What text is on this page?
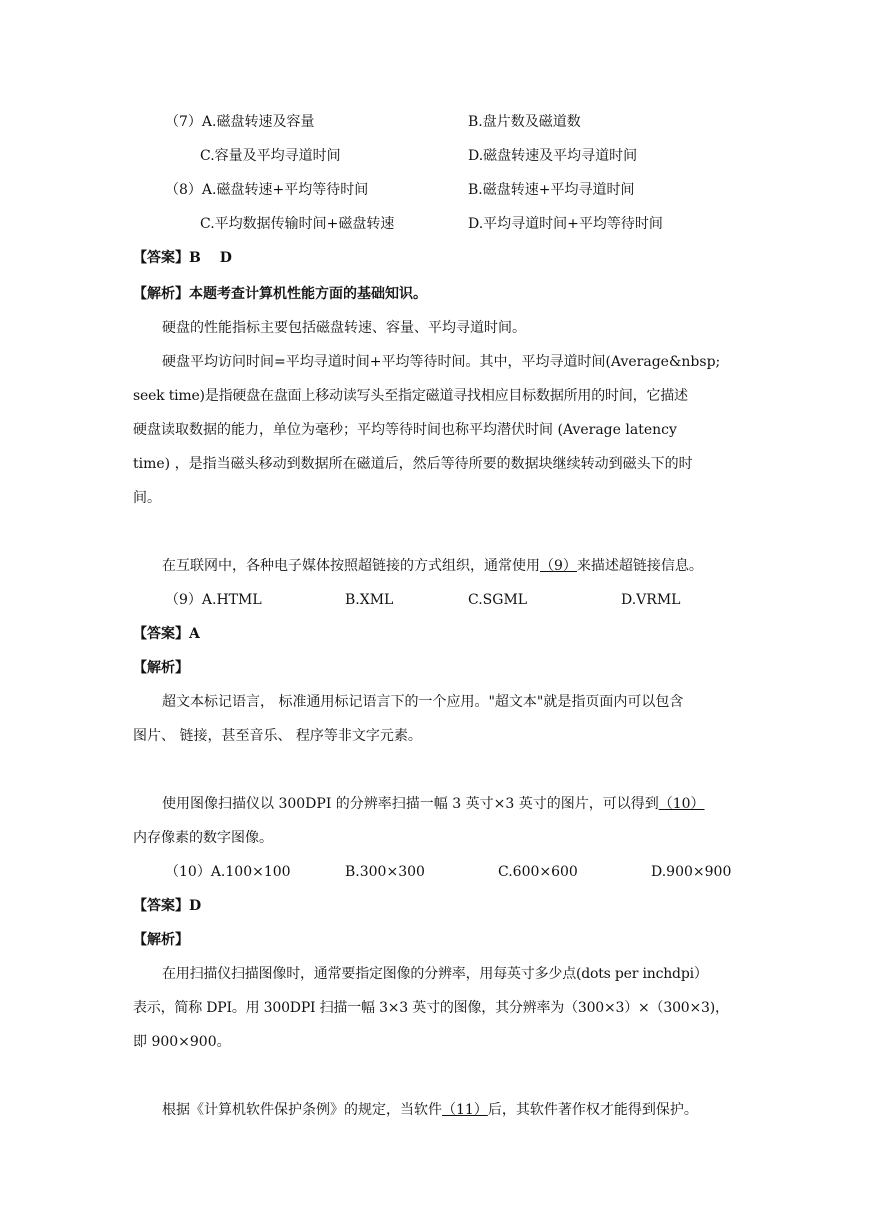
（7）A.磁盘转速及容量	B.盘片数及磁道数
C.容量及平均寻道时间	D.磁盘转速及平均寻道时间
（8）A.磁盘转速+平均等待时间	B.磁盘转速+平均寻道时间
C.平均数据传输时间+磁盘转速	D.平均寻道时间+平均等待时间
【答案】B　 D
【解析】本题考查计算机性能方面的基础知识。
硬盘的性能指标主要包括磁盘转速、容量、平均寻道时间。
硬盘平均访问时间=平均寻道时间+平均等待时间。其中，平均寻道时间(Average&nbsp;
seek time)是指硬盘在盘面上移动读写头至指定磁道寻找相应目标数据所用的时间，它描述
硬盘读取数据的能力，单位为毫秒；平均等待时间也称平均潜伏时间 (Average latency
time) ，是指当磁头移动到数据所在磁道后，然后等待所要的数据块继续转动到磁头下的时
间。
在互联网中，各种电子媒体按照超链接的方式组织，通常使用（9）来描述超链接信息。
（9）A.HTML	B.XML	C.SGML	D.VRML
【答案】A
【解析】
超文本标记语言， 标准通用标记语言下的一个应用。"超文本"就是指页面内可以包含
图片、 链接，甚至音乐、 程序等非文字元素。
使用图像扫描仪以 300DPI 的分辨率扫描一幅 3 英寸×3 英寸的图片，可以得到（10）
内存像素的数字图像。
（10）A.100×100	B.300×300	C.600×600	D.900×900
【答案】D
【解析】
在用扫描仪扫描图像时，通常要指定图像的分辨率，用每英寸多少点(dots per inchdpi）
表示，简称 DPI。用 300DPI 扫描一幅 3×3 英寸的图像，其分辨率为（300×3）×（300×3)，
即 900×900。
根据《计算机软件保护条例》的规定，当软件（11）后，其软件著作权才能得到保护。
